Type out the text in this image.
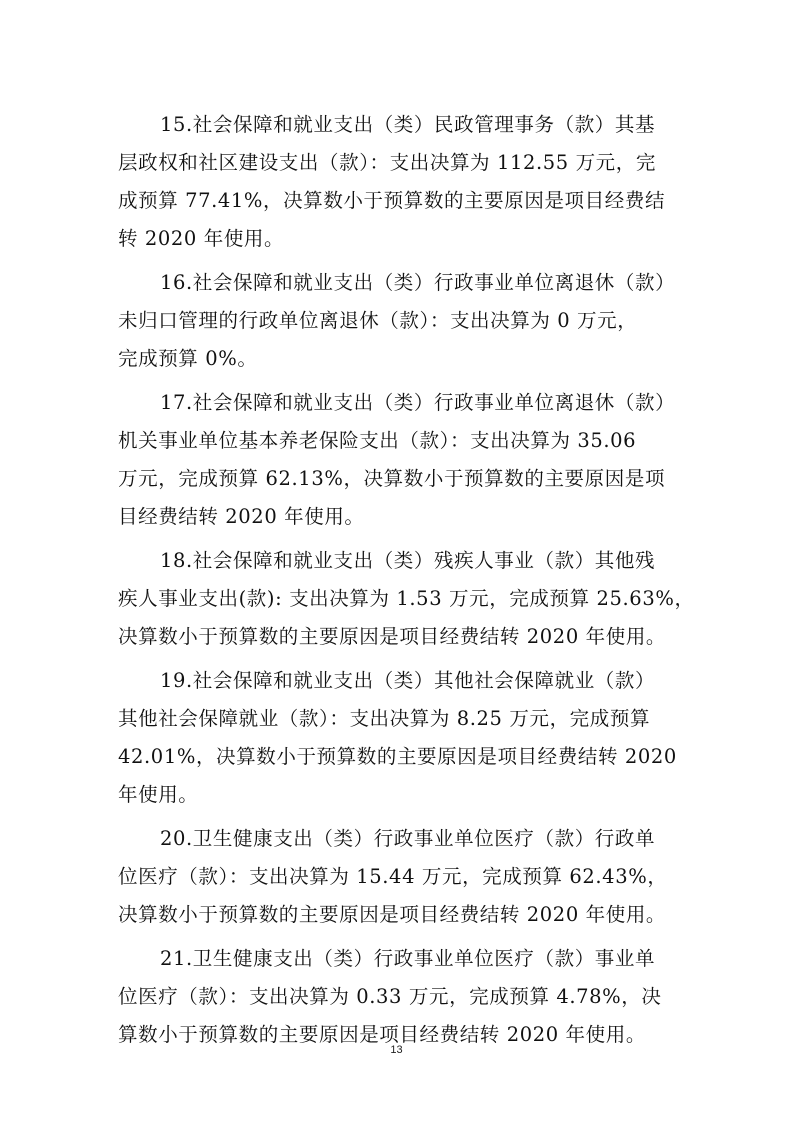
15.社会保障和就业支出（类）民政管理事务（款）其基
层政权和社区建设支出（款）：支出决算为 112.55 万元，完
成预算 77.41%，决算数小于预算数的主要原因是项目经费结
转 2020 年使用。

16.社会保障和就业支出（类）行政事业单位离退休（款）
未归口管理的行政单位离退休（款）：支出决算为 0 万元，
完成预算 0%。

17.社会保障和就业支出（类）行政事业单位离退休（款）
机关事业单位基本养老保险支出（款）：支出决算为 35.06
万元，完成预算 62.13%，决算数小于预算数的主要原因是项
目经费结转 2020 年使用。

18.社会保障和就业支出（类）残疾人事业（款）其他残
疾人事业支出(款): 支出决算为 1.53 万元，完成预算 25.63%，
决算数小于预算数的主要原因是项目经费结转 2020 年使用。

19.社会保障和就业支出（类）其他社会保障就业（款）
其他社会保障就业（款）：支出决算为 8.25 万元，完成预算
42.01%，决算数小于预算数的主要原因是项目经费结转 2020
年使用。

20.卫生健康支出（类）行政事业单位医疗（款）行政单
位医疗（款）：支出决算为 15.44 万元，完成预算 62.43%，
决算数小于预算数的主要原因是项目经费结转 2020 年使用。

21.卫生健康支出（类）行政事业单位医疗（款）事业单
位医疗（款）：支出决算为 0.33 万元，完成预算 4.78%，决
算数小于预算数的主要原因是项目经费结转 2020 年使用。

13
